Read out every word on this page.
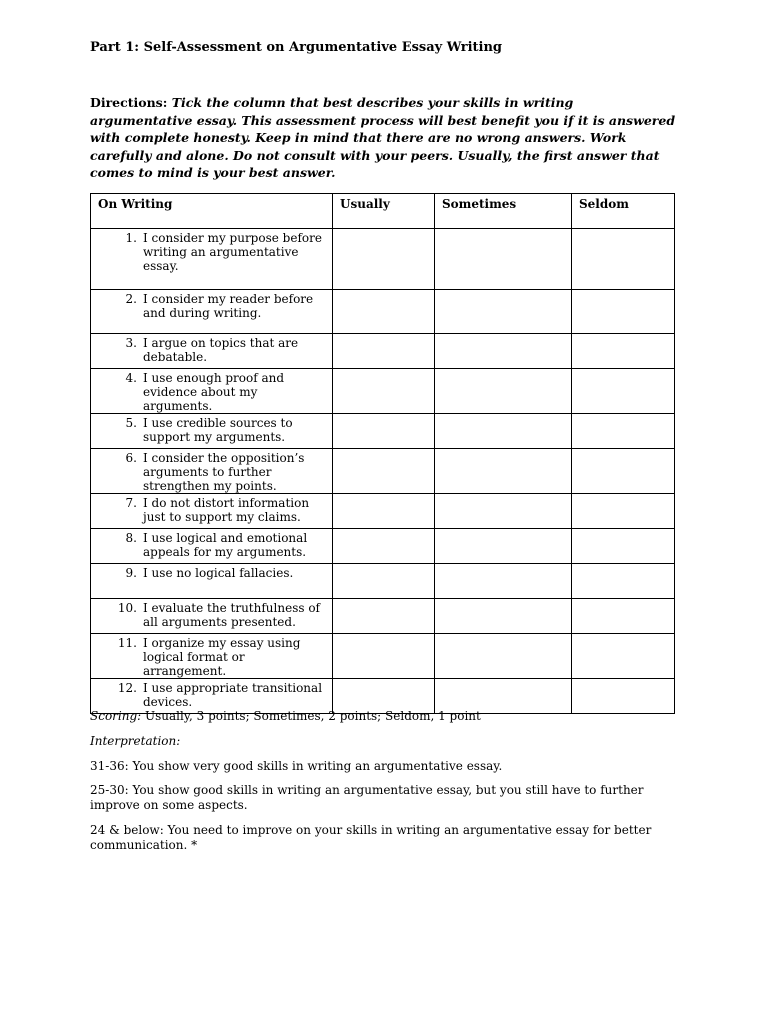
Part 1: Self-Assessment on Argumentative Essay Writing
Directions: Tick the column that best describes your skills in writing argumentative essay. This assessment process will best benefit you if it is answered with complete honesty. Keep in mind that there are no wrong answers. Work carefully and alone. Do not consult with your peers. Usually, the first answer that comes to mind is your best answer.
On Writing	Usually	Sometimes	Seldom

1. I consider my purpose before writing an argumentative essay.			

2. I consider my reader before and during writing.			

3. I argue on topics that are debatable.			

4. I use enough proof and evidence about my arguments.			

5. I use credible sources to support my arguments.			

6. I consider the opposition’s arguments to further strengthen my points.			

7. I do not distort information just to support my claims.			

8. I use logical and emotional appeals for my arguments.			

9. I use no logical fallacies.			

10. I evaluate the truthfulness of all arguments presented.			

11. I organize my essay using logical format or arrangement.			

12. I use appropriate transitional devices.			

Scoring: Usually, 3 points; Sometimes, 2 points; Seldom, 1 point
Interpretation:
31-36: You show very good skills in writing an argumentative essay.
25-30: You show good skills in writing an argumentative essay, but you still have to further improve on some aspects.
24 & below: You need to improve on your skills in writing an argumentative essay for better communication. *
